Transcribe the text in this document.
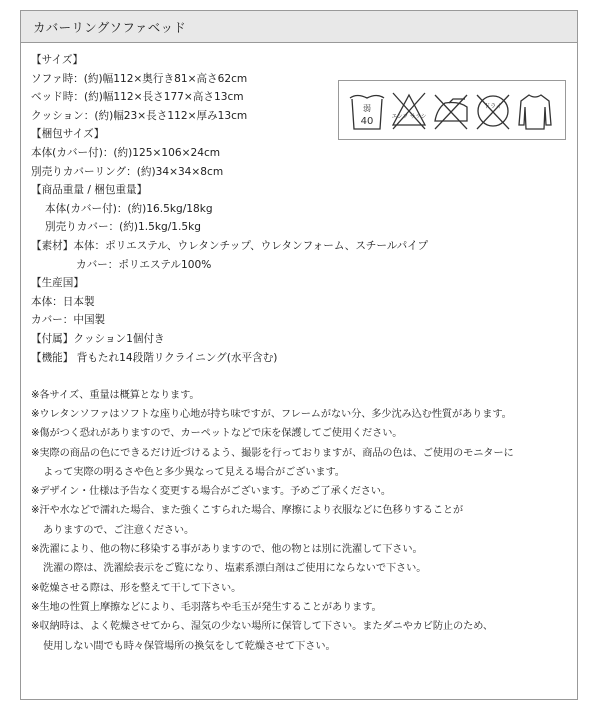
カバーリングソファベッド
【サイズ】
ソファ時：(約)幅112×奥行き81×高さ62cm
ベッド時：(約)幅112×長さ177×高さ13cm
クッション：(約)幅23×長さ112×厚み13cm
【梱包サイズ】
本体(カバー付)：(約)125×106×24cm
別売りカバーリング：(約)34×34×8cm
【商品重量 / 梱包重量】
本体(カバー付)：(約)16.5kg/18kg
別売りカバー：(約)1.5kg/1.5kg
【素材】本体：ポリエステル、ウレタンチップ、ウレタンフォーム、スチールパイプ
カバー：ポリエステル100%
【生産国】
本体：日本製
カバー：中国製
【付属】クッション1個付き
【機能】 背もたれ14段階リクライニング(水平含む)
※各サイズ、重量は概算となります。
※ウレタンソファはソフトな座り心地が持ち味ですが、フレームがない分、多少沈み込む性質があります。
※傷がつく恐れがありますので、カーペットなどで床を保護してご使用ください。
※実際の商品の色にできるだけ近づけるよう、撮影を行っておりますが、商品の色は、ご使用のモニターに
よって実際の明るさや色と多少異なって見える場合がございます。
※デザイン・仕様は予告なく変更する場合がございます。予めご了承ください。
※汗や水などで濡れた場合、また強くこすられた場合、摩擦により衣服などに色移りすることが
ありますので、ご注意ください。
※洗濯により、他の物に移染する事がありますので、他の物とは別に洗濯して下さい。
洗濯の際は、洗濯絵表示をご覧になり、塩素系漂白剤はご使用にならないで下さい。
※乾燥させる際は、形を整えて干して下さい。
※生地の性質上摩擦などにより、毛羽落ちや毛玉が発生することがあります。
※収納時は、よく乾燥させてから、湿気の少ない場所に保管して下さい。またダニやカビ防止のため、
使用しない間でも時々保管場所の換気をして乾燥させて下さい。
弱
40	エンソ サラシ
ドライ
